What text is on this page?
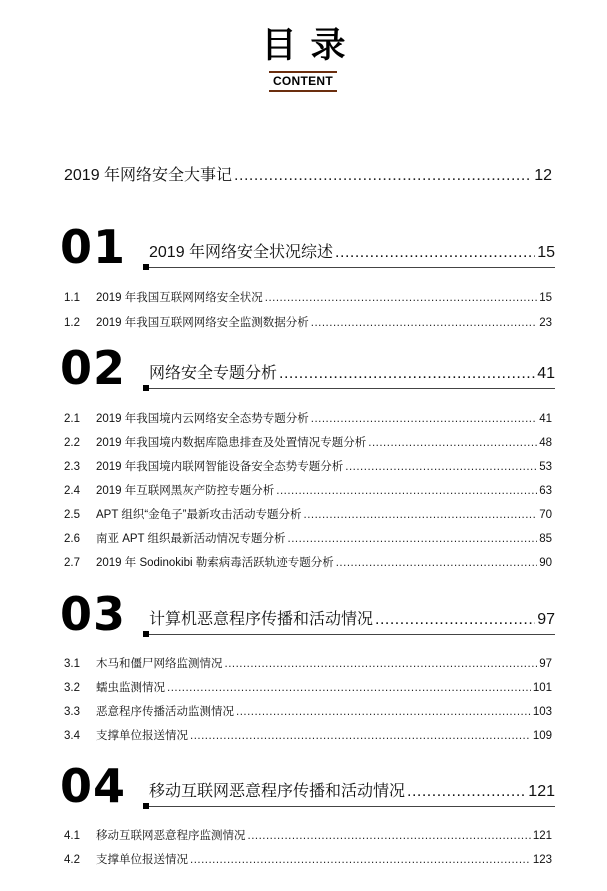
目录
CONTENT
2019 年网络安全大事记 .....	12
01 2019 年网络安全状况综述 .....	15
1.1 2019 年我国互联网网络安全状况 .....	15
1.2 2019 年我国互联网网络安全监测数据分析 .....	23
02 网络安全专题分析 .....	41
2.1 2019 年我国境内云网络安全态势专题分析 .....	41
2.2 2019 年我国境内数据库隐患排查及处置情况专题分析 .....	48
2.3 2019 年我国境内联网智能设备安全态势专题分析 .....	53
2.4 2019 年互联网黑灰产防控专题分析 .....	63
2.5 APT 组织“金龟子”最新攻击活动专题分析 .....	70
2.6 南亚 APT 组织最新活动情况专题分析 .....	85
2.7 2019 年 Sodinokibi 勒索病毒活跃轨迹专题分析 .....	90
03 计算机恶意程序传播和活动情况 .....	97
3.1 木马和僵尸网络监测情况 .....	97
3.2 蠕虫监测情况 .....	101
3.3 恶意程序传播活动监测情况 .....	103
3.4 支撑单位报送情况 .....	109
04 移动互联网恶意程序传播和活动情况 .....	121
4.1 移动互联网恶意程序监测情况 .....	121
4.2 支撑单位报送情况 .....	123
